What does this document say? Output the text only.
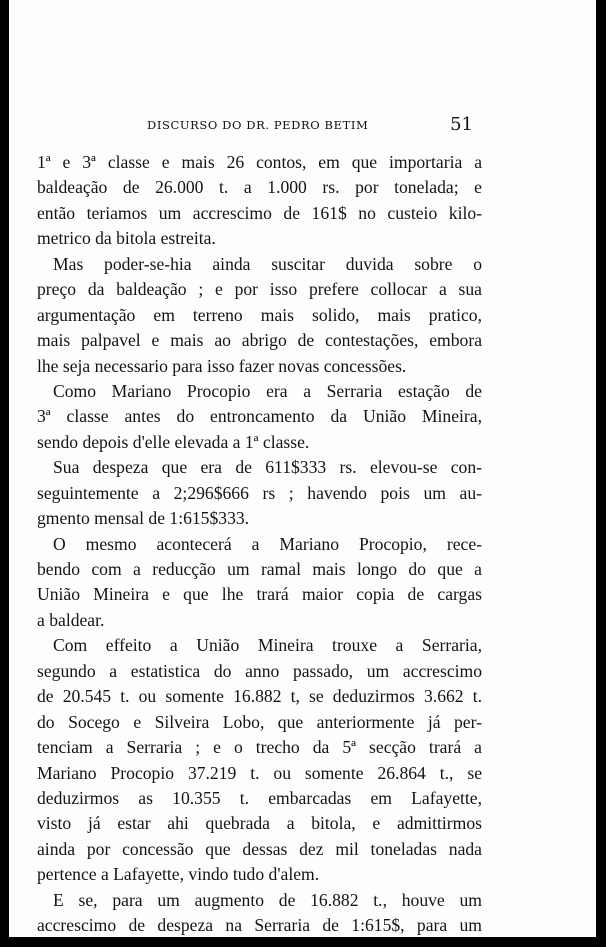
DISCURSO DO DR. PEDRO BETIM	51
1ª e 3ª classe e mais 26 contos, em que importaria a
baldeação de 26.000 t. a 1.000 rs. por tonelada; e
então teriamos um accrescimo de 161$ no custeio kilo-
metrico da bitola estreita.
Mas poder-se-hia ainda suscitar duvida sobre o
preço da baldeação ; e por isso prefere collocar a sua
argumentação em terreno mais solido, mais pratico,
mais palpavel e mais ao abrigo de contestações, embora
lhe seja necessario para isso fazer novas concessões.
Como Mariano Procopio era a Serraria estação de
3ª classe antes do entroncamento da União Mineira,
sendo depois d'elle elevada a 1ª classe.
Sua despeza que era de 611$333 rs. elevou-se con-
seguintemente a 2;296$666 rs ; havendo pois um au-
gmento mensal de 1:615$333.
O mesmo acontecerá a Mariano Procopio, rece-
bendo com a reducção um ramal mais longo do que a
União Mineira e que lhe trará maior copia de cargas
a baldear.
Com effeito a União Mineira trouxe a Serraria,
segundo a estatistica do anno passado, um accrescimo
de 20.545 t. ou somente 16.882 t, se deduzirmos 3.662 t.
do Socego e Silveira Lobo, que anteriormente já per-
tenciam a Serraria ; e o trecho da 5ª secção trará a
Mariano Procopio 37.219 t. ou somente 26.864 t., se
deduzirmos as 10.355 t. embarcadas em Lafayette,
visto já estar ahi quebrada a bitola, e admittirmos
ainda por concessão que dessas dez mil toneladas nada
pertence a Lafayette, vindo tudo d'alem.
E se, para um augmento de 16.882 t., houve um
accrescimo de despeza na Serraria de 1:615$, para um
